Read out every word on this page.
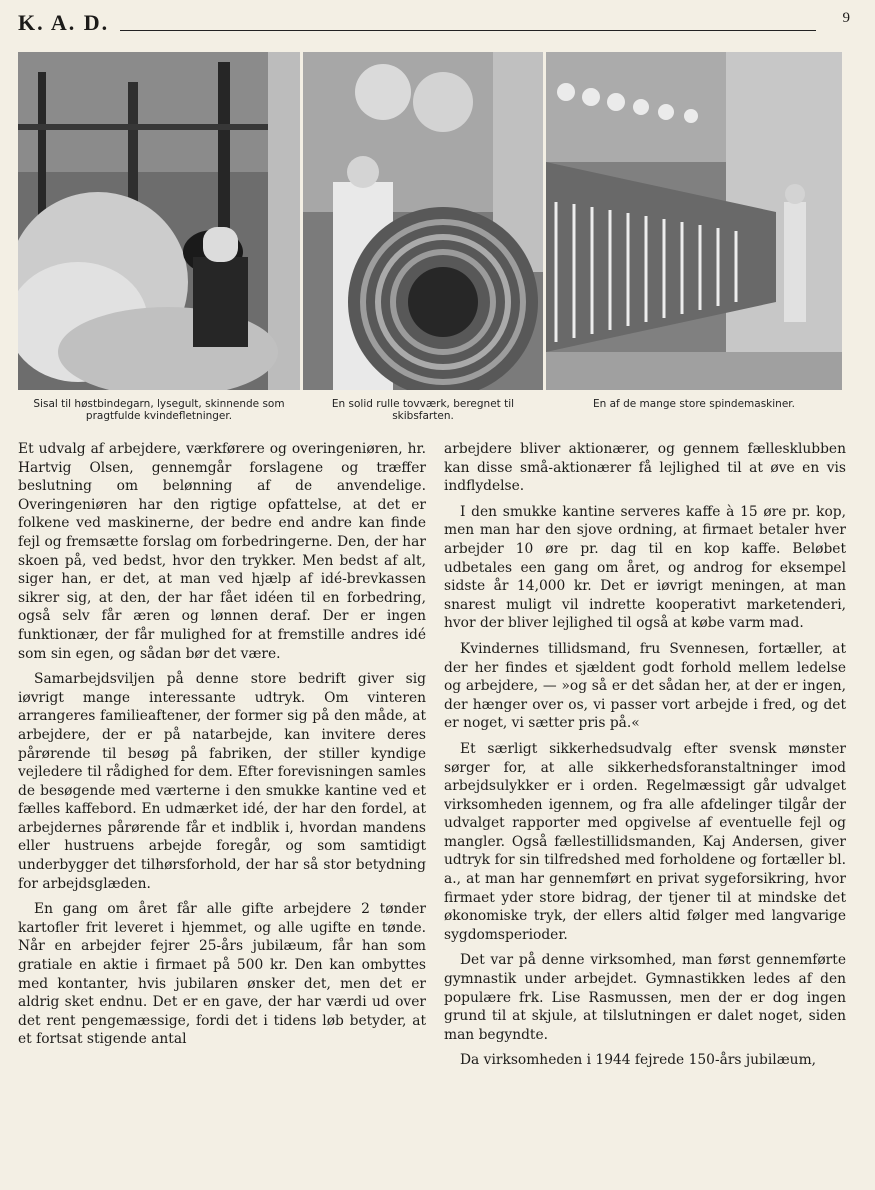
K. A. D.	9
Sisal til høstbindegarn, lysegult, skinnende som pragtfulde kvindefletninger.
En solid rulle tovværk, beregnet til skibsfarten.
En af de mange store spindemaskiner.

Et udvalg af arbejdere, værkførere og overingeniøren, hr. Hartvig Olsen, gennemgår forslagene og træffer beslutning om belønning af de anvendelige. Overingeniøren har den rigtige opfattelse, at det er folkene ved maskinerne, der bedre end andre kan finde fejl og fremsætte forslag om forbedringerne. Den, der har skoen på, ved bedst, hvor den trykker. Men bedst af alt, siger han, er det, at man ved hjælp af idé-brevkassen sikrer sig, at den, der har fået idéen til en forbedring, også selv får æren og lønnen deraf. Der er ingen funktionær, der får mulighed for at fremstille andres idé som sin egen, og sådan bør det være.

Samarbejdsviljen på denne store bedrift giver sig iøvrigt mange interessante udtryk. Om vinteren arrangeres familieaftener, der former sig på den måde, at arbejdere, der er på natarbejde, kan invitere deres pårørende til besøg på fabriken, der stiller kyndige vejledere til rådighed for dem. Efter forevisningen samles de besøgende med værterne i den smukke kantine ved et fælles kaffebord. En udmærket idé, der har den fordel, at arbejdernes pårørende får et indblik i, hvordan mandens eller hustruens arbejde foregår, og som samtidigt underbygger det tilhørsforhold, der har så stor betydning for arbejdsglæden.

En gang om året får alle gifte arbejdere 2 tønder kartofler frit leveret i hjemmet, og alle ugifte en tønde. Når en arbejder fejrer 25-års jubilæum, får han som gratiale en aktie i firmaet på 500 kr. Den kan ombyttes med kontanter, hvis jubilaren ønsker det, men det er aldrig sket endnu. Det er en gave, der har værdi ud over det rent pengemæssige, fordi det i tidens løb betyder, at et fortsat stigende antal

arbejdere bliver aktionærer, og gennem fællesklubben kan disse små-aktionærer få lejlighed til at øve en vis indflydelse.

I den smukke kantine serveres kaffe à 15 øre pr. kop, men man har den sjove ordning, at firmaet betaler hver arbejder 10 øre pr. dag til en kop kaffe. Beløbet udbetales een gang om året, og androg for eksempel sidste år 14,000 kr. Det er iøvrigt meningen, at man snarest muligt vil indrette kooperativt marketenderi, hvor der bliver lejlighed til også at købe varm mad.

Kvindernes tillidsmand, fru Svennesen, fortæller, at der her findes et sjældent godt forhold mellem ledelse og arbejdere, — »og så er det sådan her, at der er ingen, der hænger over os, vi passer vort arbejde i fred, og det er noget, vi sætter pris på.«

Et særligt sikkerhedsudvalg efter svensk mønster sørger for, at alle sikkerhedsforanstaltninger imod arbejdsulykker er i orden. Regelmæssigt går udvalget virksomheden igennem, og fra alle afdelinger tilgår der udvalget rapporter med opgivelse af eventuelle fejl og mangler. Også fællestillidsmanden, Kaj Andersen, giver udtryk for sin tilfredshed med forholdene og fortæller bl. a., at man har gennemført en privat sygeforsikring, hvor firmaet yder store bidrag, der tjener til at mindske det økonomiske tryk, der ellers altid følger med langvarige sygdomsperioder.

Det var på denne virksomhed, man først gennemførte gymnastik under arbejdet. Gymnastikken ledes af den populære frk. Lise Rasmussen, men der er dog ingen grund til at skjule, at tilslutningen er dalet noget, siden man begyndte.

Da virksomheden i 1944 fejrede 150-års jubilæum,
